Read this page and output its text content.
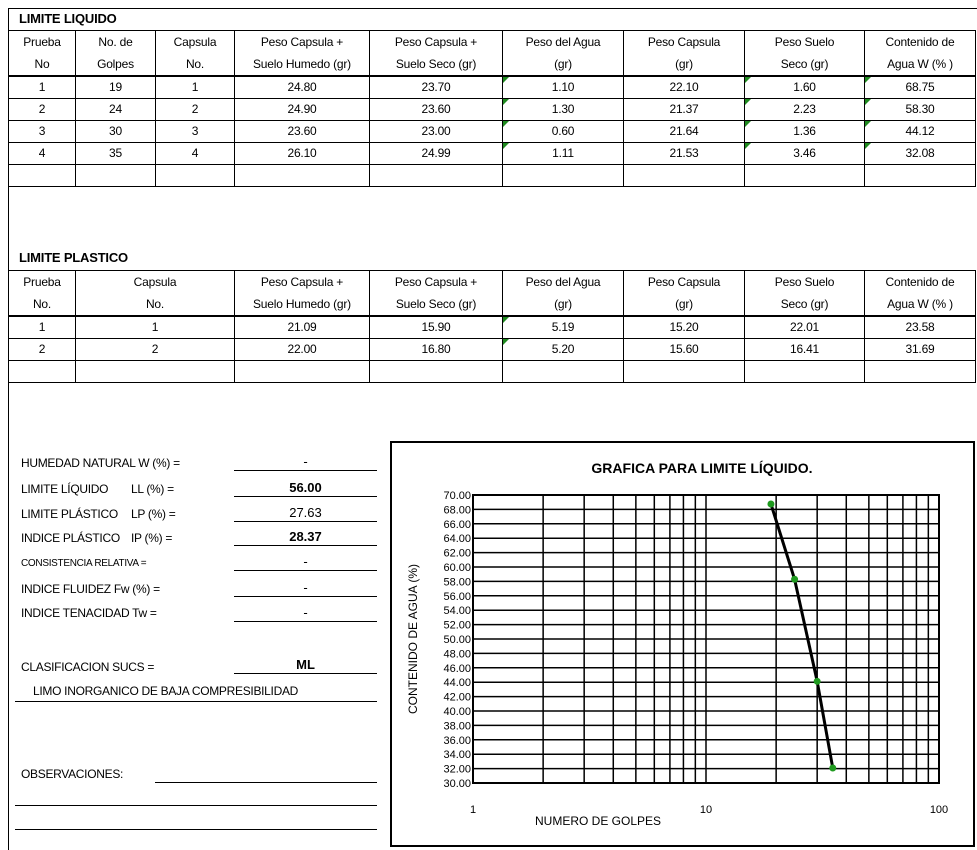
LIMITE LIQUIDO
Prueba	No. de	Capsula	Peso Capsula +	Peso Capsula +	Peso del Agua	Peso Capsula	Peso Suelo	Contenido de
No	Golpes	No.	Suelo Humedo (gr)	Suelo Seco (gr)	(gr)	(gr)	Seco (gr)	Agua W (% )
1	19	1	24.80	23.70	1.10	22.10	1.60	68.75
2	24	2	24.90	23.60	1.30	21.37	2.23	58.30
3	30	3	23.60	23.00	0.60	21.64	1.36	44.12
4	35	4	26.10	24.99	1.11	21.53	3.46	32.08

LIMITE PLASTICO
Prueba	Capsula	Peso Capsula +	Peso Capsula +	Peso del Agua	Peso Capsula	Peso Suelo	Contenido de
No.	No.	Suelo Humedo (gr)	Suelo Seco (gr)	(gr)	(gr)	Seco (gr)	Agua W (% )
1	1	21.09	15.90	5.19	15.20	22.01	23.58
2	2	22.00	16.80	5.20	15.60	16.41	31.69

HUMEDAD NATURAL W (%) =	-
LIMITE LÍQUIDO LL (%) =	56.00
LIMITE PLÁSTICO LP (%) =	27.63
INDICE PLÁSTICO IP (%) =	28.37
CONSISTENCIA RELATIVA =	-
INDICE FLUIDEZ Fw (%) =	-
INDICE TENACIDAD Tw =	-
CLASIFICACION SUCS =	ML
LIMO INORGANICO DE BAJA COMPRESIBILIDAD
OBSERVACIONES:
GRAFICA PARA LIMITE LÍQUIDO.
70.00
68.00
66.00
64.00
62.00
60.00
58.00
56.00
54.00
52.00
50.00
48.00
46.00
44.00
42.00
40.00
38.00
36.00
34.00
32.00
30.00
1	10	100
NUMERO DE GOLPES
CONTENIDO DE AGUA (%)
